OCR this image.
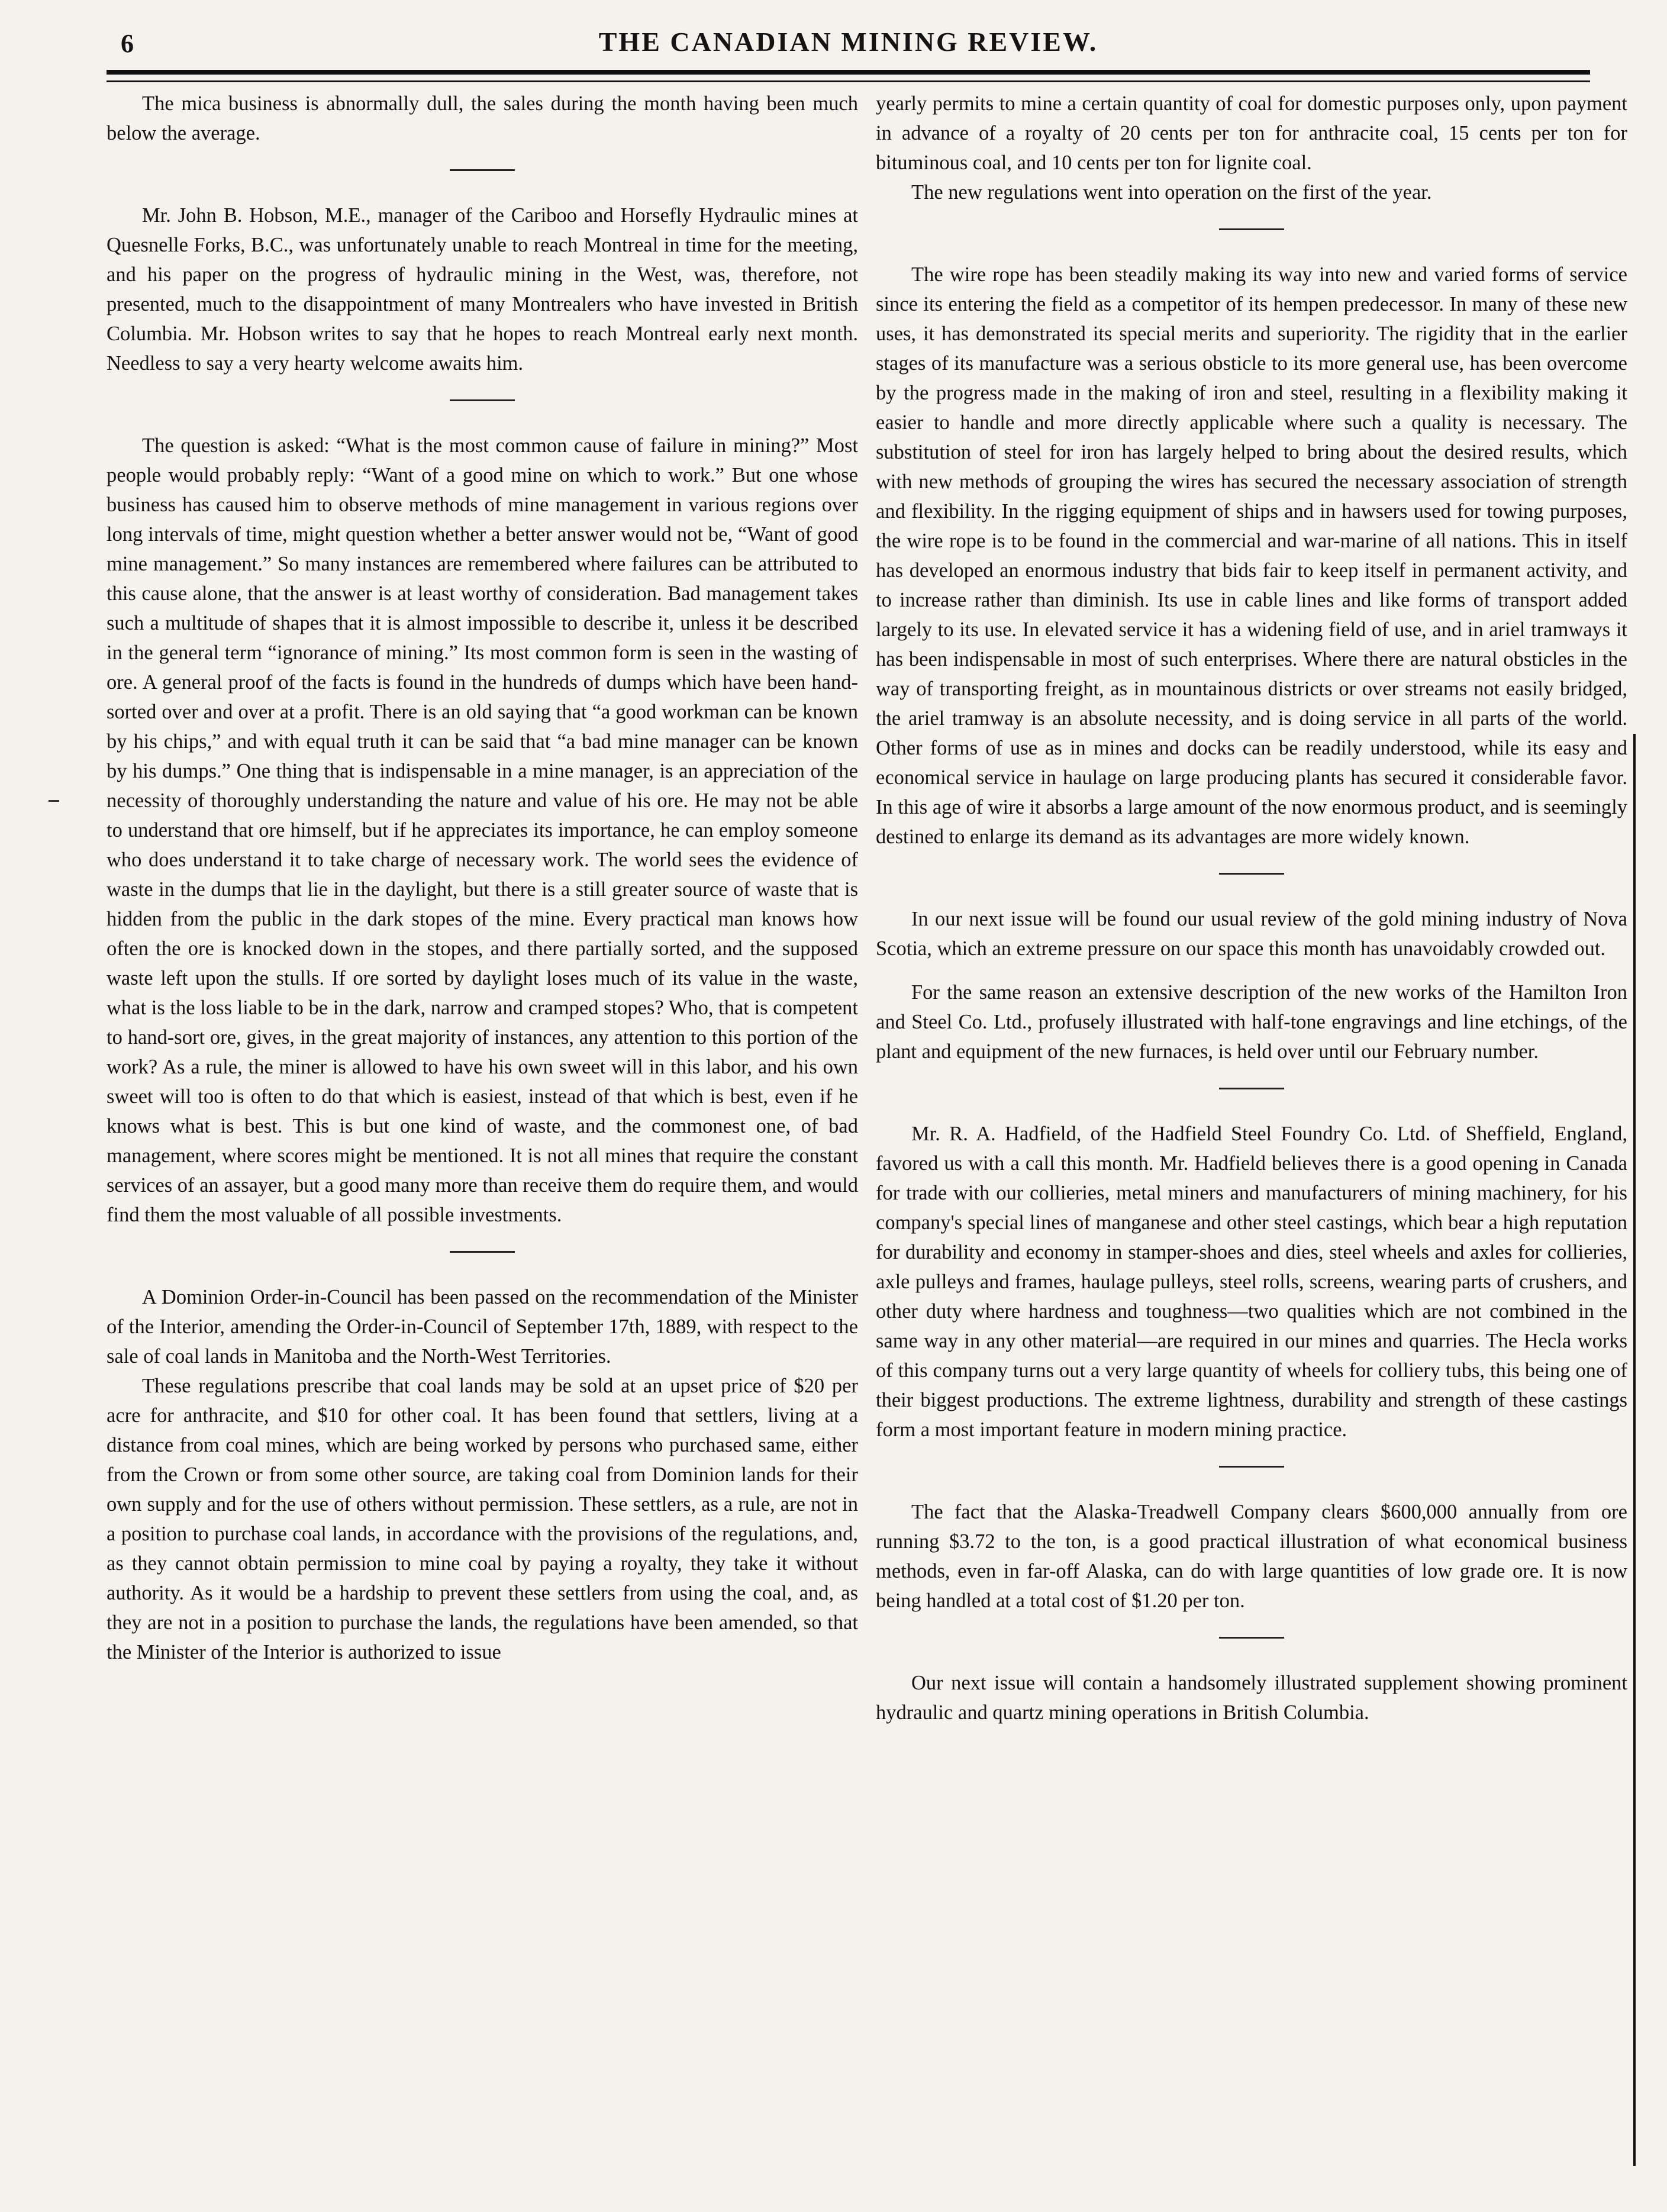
6	THE CANADIAN MINING REVIEW.

The mica business is abnormally dull, the sales during the month having been much below the average.

Mr. John B. Hobson, M.E., manager of the Cariboo and Horsefly Hydraulic mines at Quesnelle Forks, B.C., was unfortunately unable to reach Montreal in time for the meeting, and his paper on the progress of hydraulic mining in the West, was, therefore, not presented, much to the disappointment of many Montrealers who have invested in British Columbia. Mr. Hobson writes to say that he hopes to reach Montreal early next month. Needless to say a very hearty welcome awaits him.

The question is asked: “What is the most common cause of failure in mining?” Most people would probably reply: “Want of a good mine on which to work.” But one whose business has caused him to observe methods of mine management in various regions over long intervals of time, might question whether a better answer would not be, “Want of good mine management.” So many instances are remembered where failures can be attributed to this cause alone, that the answer is at least worthy of consideration. Bad management takes such a multitude of shapes that it is almost impossible to describe it, unless it be described in the general term “ignorance of mining.” Its most common form is seen in the wasting of ore. A general proof of the facts is found in the hundreds of dumps which have been hand-sorted over and over at a profit. There is an old saying that “a good workman can be known by his chips,” and with equal truth it can be said that “a bad mine manager can be known by his dumps.” One thing that is indispensable in a mine manager, is an appreciation of the necessity of thoroughly understanding the nature and value of his ore. He may not be able to understand that ore himself, but if he appreciates its importance, he can employ someone who does understand it to take charge of necessary work. The world sees the evidence of waste in the dumps that lie in the daylight, but there is a still greater source of waste that is hidden from the public in the dark stopes of the mine. Every practical man knows how often the ore is knocked down in the stopes, and there partially sorted, and the supposed waste left upon the stulls. If ore sorted by daylight loses much of its value in the waste, what is the loss liable to be in the dark, narrow and cramped stopes? Who, that is competent to hand-sort ore, gives, in the great majority of instances, any attention to this portion of the work? As a rule, the miner is allowed to have his own sweet will in this labor, and his own sweet will too is often to do that which is easiest, instead of that which is best, even if he knows what is best. This is but one kind of waste, and the commonest one, of bad management, where scores might be mentioned. It is not all mines that require the constant services of an assayer, but a good many more than receive them do require them, and would find them the most valuable of all possible investments.

A Dominion Order-in-Council has been passed on the recommendation of the Minister of the Interior, amending the Order-in-Council of September 17th, 1889, with respect to the sale of coal lands in Manitoba and the North-West Territories.

These regulations prescribe that coal lands may be sold at an upset price of $20 per acre for anthracite, and $10 for other coal. It has been found that settlers, living at a distance from coal mines, which are being worked by persons who purchased same, either from the Crown or from some other source, are taking coal from Dominion lands for their own supply and for the use of others without permission. These settlers, as a rule, are not in a position to purchase coal lands, in accordance with the provisions of the regulations, and, as they cannot obtain permission to mine coal by paying a royalty, they take it without authority. As it would be a hardship to prevent these settlers from using the coal, and, as they are not in a position to purchase the lands, the regulations have been amended, so that the Minister of the Interior is authorized to issue

yearly permits to mine a certain quantity of coal for domestic purposes only, upon payment in advance of a royalty of 20 cents per ton for anthracite coal, 15 cents per ton for bituminous coal, and 10 cents per ton for lignite coal.

The new regulations went into operation on the first of the year.

The wire rope has been steadily making its way into new and varied forms of service since its entering the field as a competitor of its hempen predecessor. In many of these new uses, it has demonstrated its special merits and superiority. The rigidity that in the earlier stages of its manufacture was a serious obsticle to its more general use, has been overcome by the progress made in the making of iron and steel, resulting in a flexibility making it easier to handle and more directly applicable where such a quality is necessary. The substitution of steel for iron has largely helped to bring about the desired results, which with new methods of grouping the wires has secured the necessary association of strength and flexibility. In the rigging equipment of ships and in hawsers used for towing purposes, the wire rope is to be found in the commercial and war-marine of all nations. This in itself has developed an enormous industry that bids fair to keep itself in permanent activity, and to increase rather than diminish. Its use in cable lines and like forms of transport added largely to its use. In elevated service it has a widening field of use, and in ariel tramways it has been indispensable in most of such enterprises. Where there are natural obsticles in the way of transporting freight, as in mountainous districts or over streams not easily bridged, the ariel tramway is an absolute necessity, and is doing service in all parts of the world. Other forms of use as in mines and docks can be readily understood, while its easy and economical service in haulage on large producing plants has secured it considerable favor. In this age of wire it absorbs a large amount of the now enormous product, and is seemingly destined to enlarge its demand as its advantages are more widely known.

In our next issue will be found our usual review of the gold mining industry of Nova Scotia, which an extreme pressure on our space this month has unavoidably crowded out.

For the same reason an extensive description of the new works of the Hamilton Iron and Steel Co. Ltd., profusely illustrated with half-tone engravings and line etchings, of the plant and equipment of the new furnaces, is held over until our February number.

Mr. R. A. Hadfield, of the Hadfield Steel Foundry Co. Ltd. of Sheffield, England, favored us with a call this month. Mr. Hadfield believes there is a good opening in Canada for trade with our collieries, metal miners and manufacturers of mining machinery, for his company's special lines of manganese and other steel castings, which bear a high reputation for durability and economy in stamper-shoes and dies, steel wheels and axles for collieries, axle pulleys and frames, haulage pulleys, steel rolls, screens, wearing parts of crushers, and other duty where hardness and toughness—two qualities which are not combined in the same way in any other material—are required in our mines and quarries. The Hecla works of this company turns out a very large quantity of wheels for colliery tubs, this being one of their biggest productions. The extreme lightness, durability and strength of these castings form a most important feature in modern mining practice.

The fact that the Alaska-Treadwell Company clears $600,000 annually from ore running $3.72 to the ton, is a good practical illustration of what economical business methods, even in far-off Alaska, can do with large quantities of low grade ore. It is now being handled at a total cost of $1.20 per ton.

Our next issue will contain a handsomely illustrated supplement showing prominent hydraulic and quartz mining operations in British Columbia.
